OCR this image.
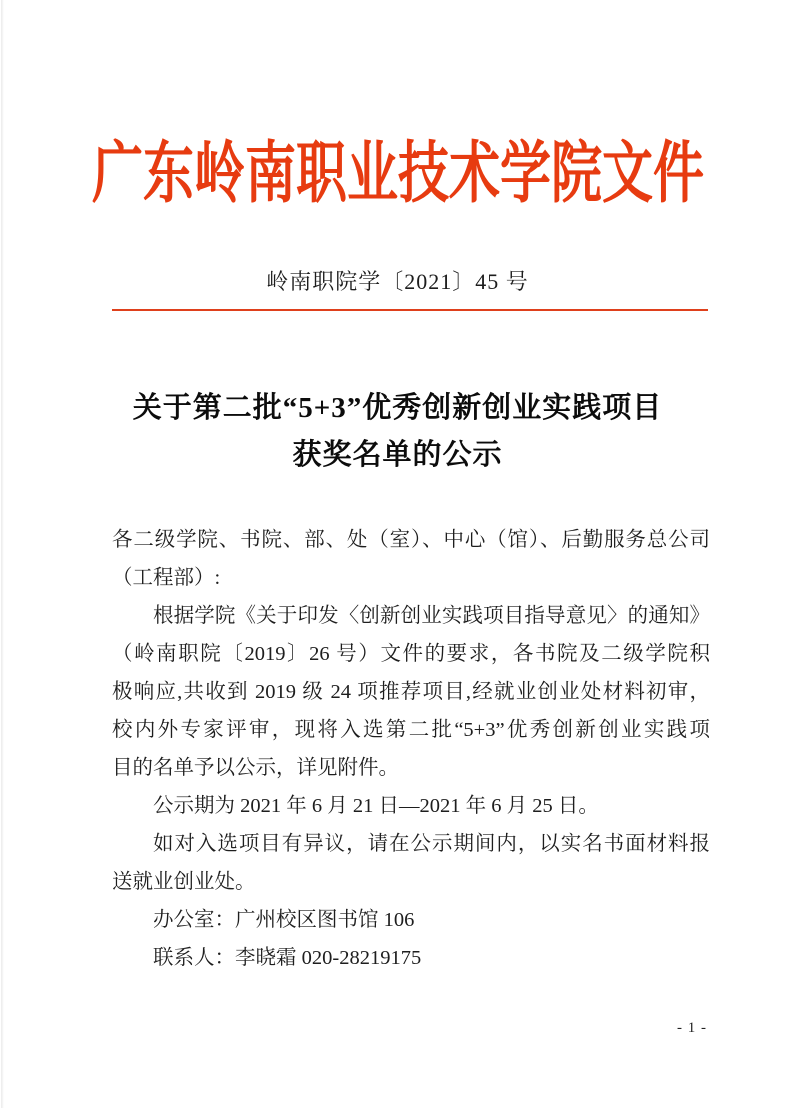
广东岭南职业技术学院文件
岭南职院学〔2021〕45 号
关于第二批“5+3”优秀创新创业实践项目
获奖名单的公示
各二级学院、书院、部、处（室）、中心（馆）、后勤服务总公司
（工程部）:
根据学院《关于印发〈创新创业实践项目指导意见〉的通知》
（岭南职院〔2019〕26 号）文件的要求，各书院及二级学院积
极响应,共收到 2019 级 24 项推荐项目,经就业创业处材料初审，
校内外专家评审，现将入选第二批“5+3”优秀创新创业实践项
目的名单予以公示，详见附件。
公示期为 2021 年 6 月 21 日—2021 年 6 月 25 日。
如对入选项目有异议，请在公示期间内，以实名书面材料报
送就业创业处。
办公室：广州校区图书馆 106
联系人：李晓霜 020-28219175
- 1 -
